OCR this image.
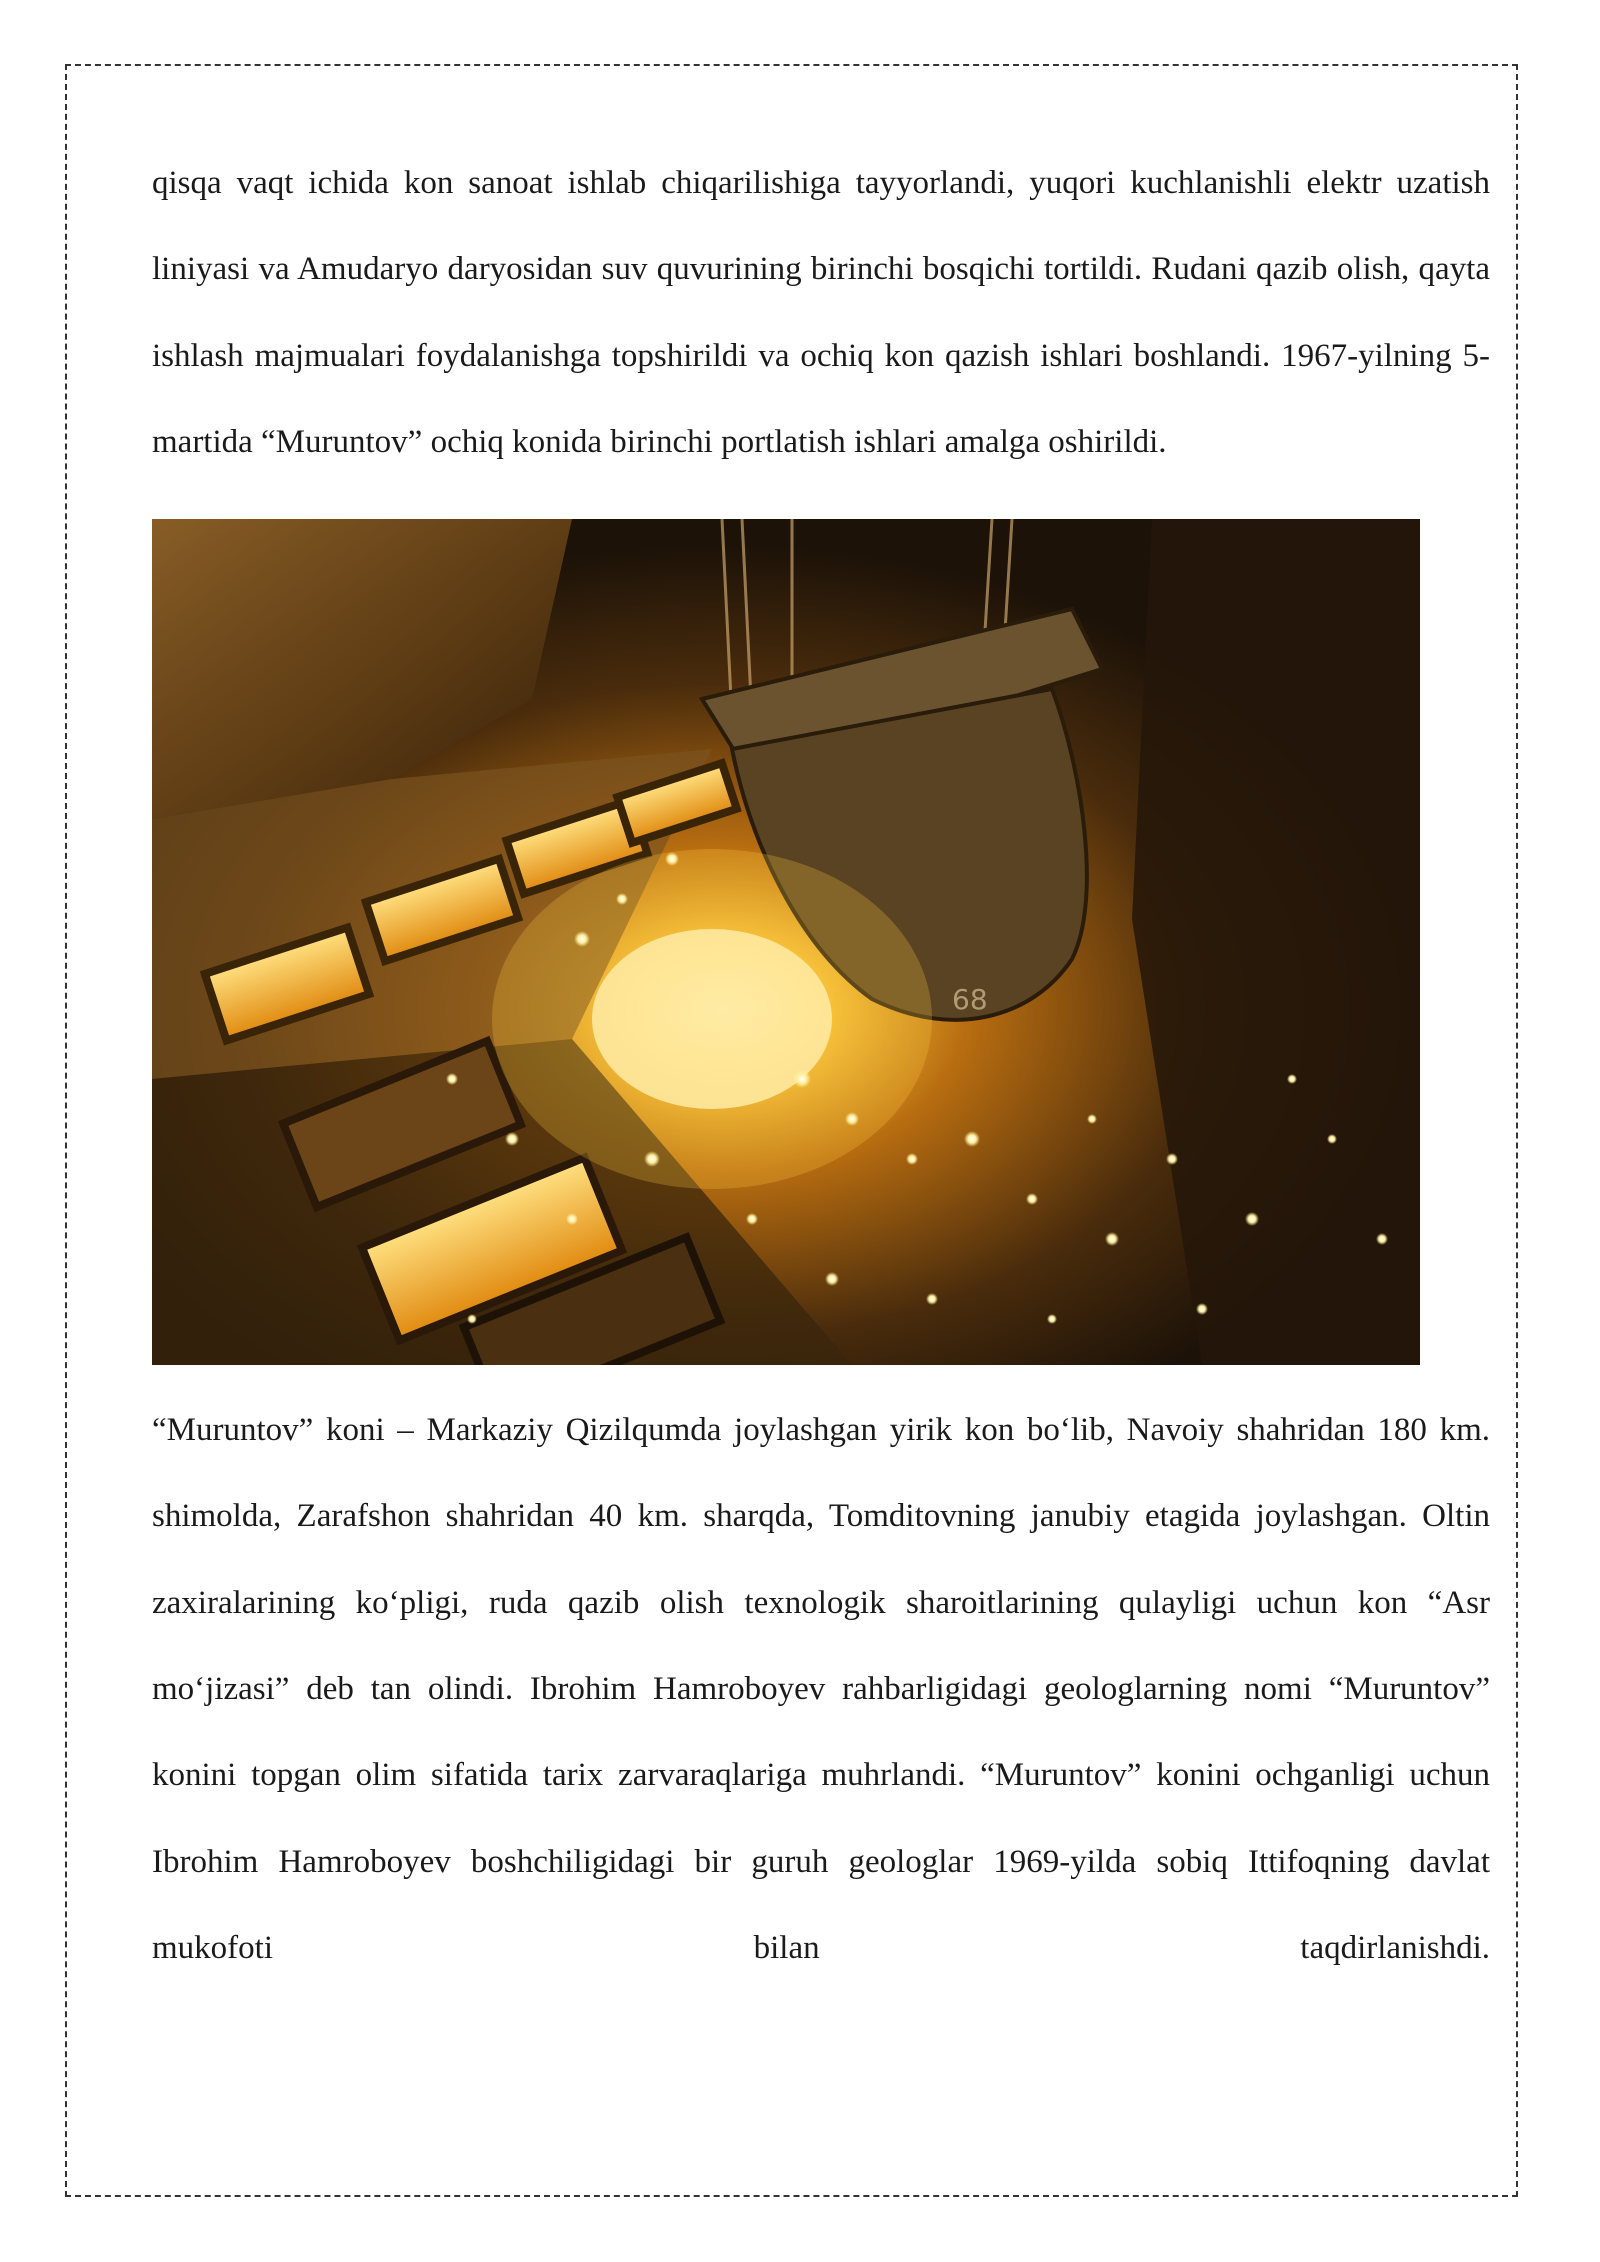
qisqa vaqt ichida kon sanoat ishlab chiqarilishiga tayyorlandi, yuqori kuchlanishli elektr uzatish liniyasi va Amudaryo daryosidan suv quvurining birinchi bosqichi tortildi. Rudani qazib olish, qayta ishlash majmualari foydalanishga topshirildi va ochiq kon qazish ishlari boshlandi. 1967-yilning 5-martida “Muruntov” ochiq konida birinchi portlatish ishlari amalga oshirildi.

68

“Muruntov” koni – Markaziy Qizilqumda joylashgan yirik kon bo‘lib, Navoiy shahridan 180 km. shimolda, Zarafshon shahridan 40 km. sharqda, Tomditovning janubiy etagida joylashgan. Oltin zaxiralarining ko‘pligi, ruda qazib olish texnologik sharoitlarining qulayligi uchun kon “Asr mo‘jizasi” deb tan olindi. Ibrohim Hamroboyev rahbarligidagi geologlarning nomi “Muruntov” konini topgan olim sifatida tarix zarvaraqlariga muhrlandi. “Muruntov” konini ochganligi uchun Ibrohim Hamroboyev boshchiligidagi bir guruh geologlar 1969-yilda sobiq Ittifoqning davlat mukofoti bilan taqdirlanishdi.
